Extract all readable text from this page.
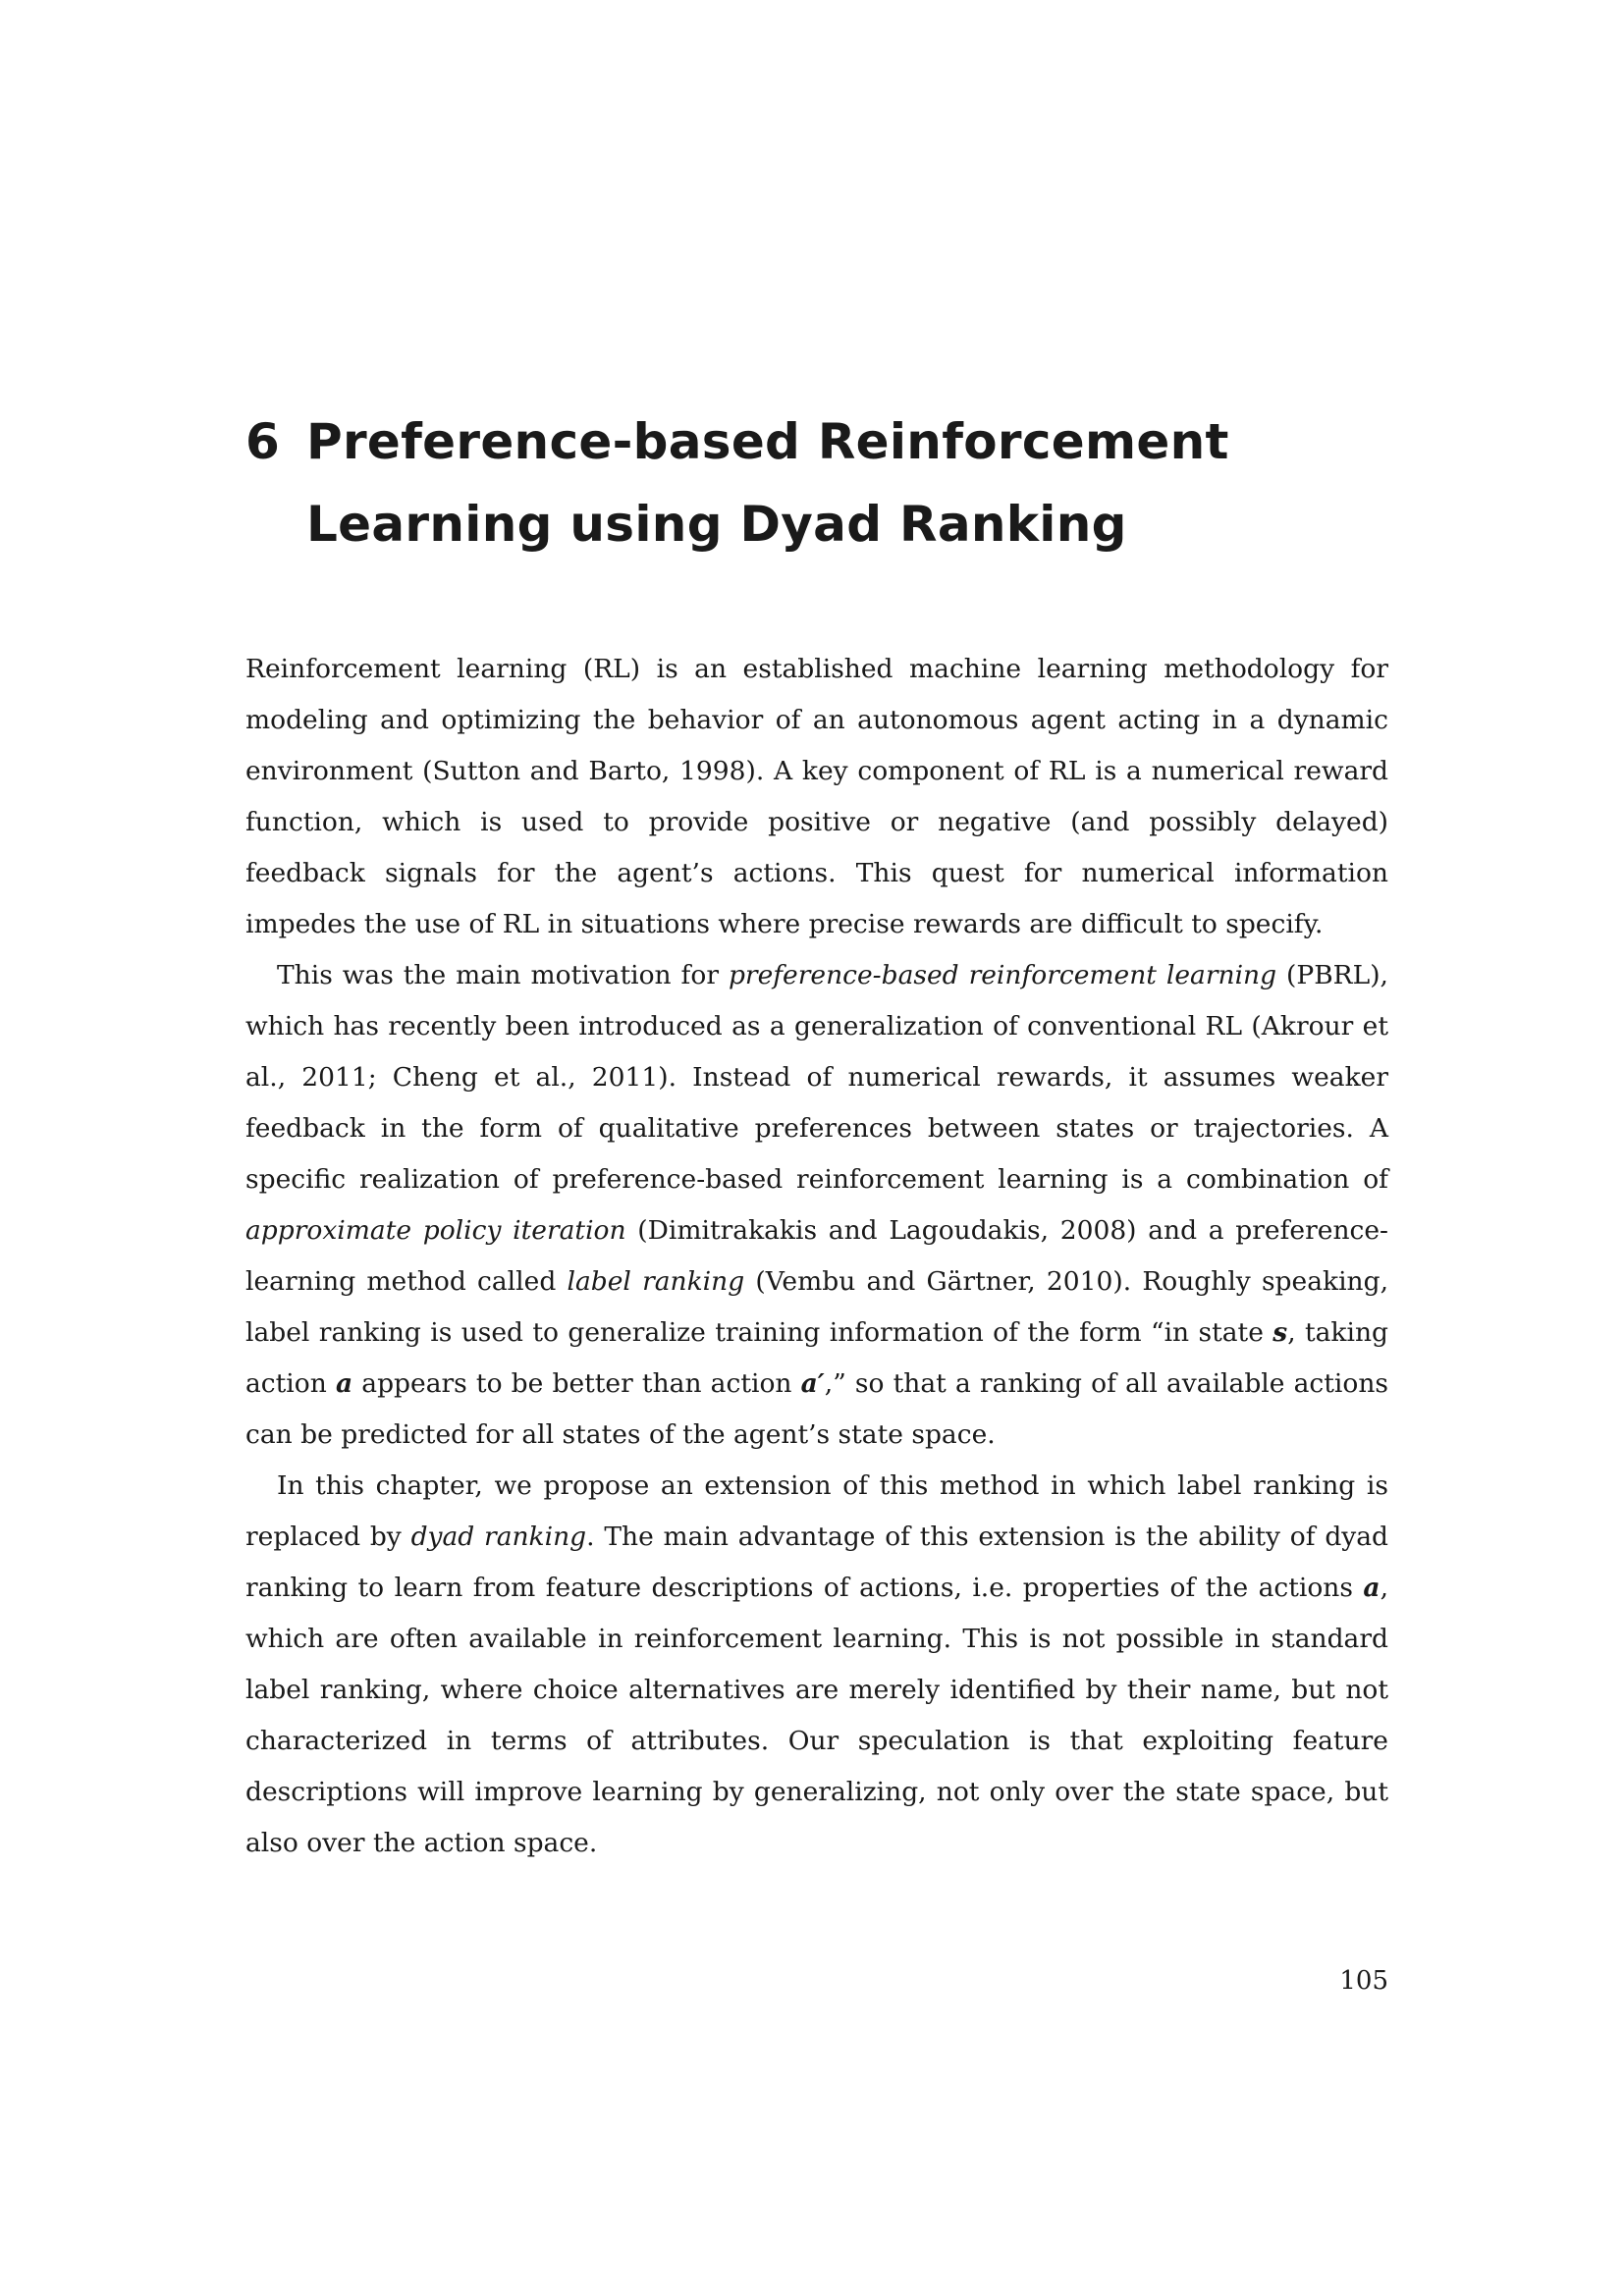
6 Preference-based Reinforcement Learning using Dyad Ranking

Reinforcement learning (RL) is an established machine learning methodology for modeling and optimizing the behavior of an autonomous agent acting in a dynamic environment (Sutton and Barto, 1998). A key component of RL is a numerical reward function, which is used to provide positive or negative (and possibly delayed) feedback signals for the agent’s actions. This quest for numerical information impedes the use of RL in situations where precise rewards are difficult to specify.

This was the main motivation for preference-based reinforcement learning (PBRL), which has recently been introduced as a generalization of conventional RL (Akrour et al., 2011; Cheng et al., 2011). Instead of numerical rewards, it assumes weaker feedback in the form of qualitative preferences between states or trajectories. A specific realization of preference-based reinforcement learning is a combination of approximate policy iteration (Dimitrakakis and Lagoudakis, 2008) and a preference-learning method called label ranking (Vembu and Gärtner, 2010). Roughly speaking, label ranking is used to generalize training information of the form “in state s, taking action a appears to be better than action a′,” so that a ranking of all available actions can be predicted for all states of the agent’s state space.

In this chapter, we propose an extension of this method in which label ranking is replaced by dyad ranking. The main advantage of this extension is the ability of dyad ranking to learn from feature descriptions of actions, i.e. properties of the actions a, which are often available in reinforcement learning. This is not possible in standard label ranking, where choice alternatives are merely identified by their name, but not characterized in terms of attributes. Our speculation is that exploiting feature descriptions will improve learning by generalizing, not only over the state space, but also over the action space.

105
